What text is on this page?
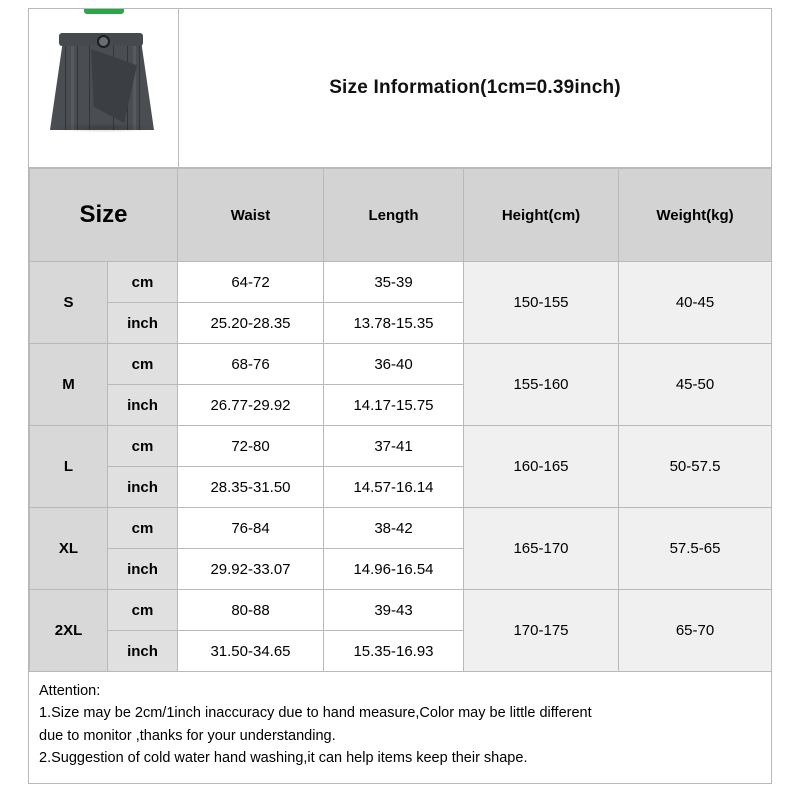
Size Information(1cm=0.39inch)
Size		Waist	Length	Height(cm)	Weight(kg)
S	cm	64-72	35-39	150-155	40-45
	inch	25.20-28.35	13.78-15.35		
M	cm	68-76	36-40	155-160	45-50
	inch	26.77-29.92	14.17-15.75		
L	cm	72-80	37-41	160-165	50-57.5
	inch	28.35-31.50	14.57-16.14		
XL	cm	76-84	38-42	165-170	57.5-65
	inch	29.92-33.07	14.96-16.54		
2XL	cm	80-88	39-43	170-175	65-70
	inch	31.50-34.65	15.35-16.93		
Attention:
1.Size may be 2cm/1inch inaccuracy due to hand measure,Color may be little different
due to monitor ,thanks for your understanding.
2.Suggestion of cold water hand washing,it can help items keep their shape.
